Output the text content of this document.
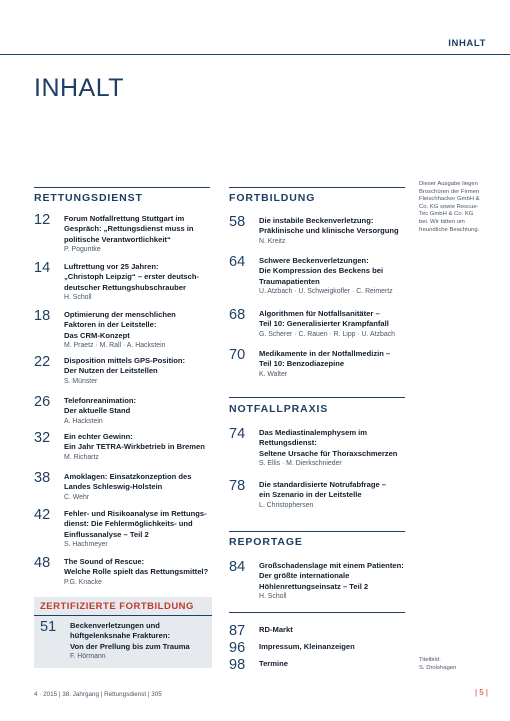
INHALT
INHALT
RETTUNGSDIENST
12 Forum Notfallrettung Stuttgart im
Gespräch: „Rettungsdienst muss in
politische Verantwortlichkeit“
P. Poguntke
14 Luftrettung vor 25 Jahren:
„Christoph Leipzig“ – erster deutsch-
deutscher Rettungshubschrauber
H. Scholl
18 Optimierung der menschlichen
Faktoren in der Leitstelle:
Das CRM-Konzept
M. Praetz · M. Rall · A. Hackstein
22 Disposition mittels GPS-Position:
Der Nutzen der Leitstellen
S. Münster
26 Telefonreanimation:
Der aktuelle Stand
A. Hackstein
32 Ein echter Gewinn:
Ein Jahr TETRA-Wirkbetrieb in Bremen
M. Richartz
38 Amoklagen: Einsatzkonzeption des
Landes Schleswig-Holstein
C. Wehr
42 Fehler- und Risikoanalyse im Rettungs-
dienst: Die Fehlermöglichkeits- und
Einflussanalyse – Teil 2
S. Hachmeyer
48 The Sound of Rescue:
Welche Rolle spielt das Rettungsmittel?
P.G. Knacke
ZERTIFIZIERTE FORTBILDUNG
51 Beckenverletzungen und
hüftgelenksnahe Frakturen:
Von der Prellung bis zum Trauma
F. Hörmann
FORTBILDUNG
58 Die instabile Beckenverletzung:
Präklinische und klinische Versorgung
N. Kreitz
64 Schwere Beckenverletzungen:
Die Kompression des Beckens bei
Traumapatienten
U. Atzbach · U. Schweigkofler · C. Reimertz
68 Algorithmen für Notfallsanitäter –
Teil 10: Generalisierter Krampfanfall
G. Scherer · C. Rauen · R. Lipp · U. Atzbach
70 Medikamente in der Notfallmedizin –
Teil 10: Benzodiazepine
K. Walter
NOTFALLPRAXIS
74 Das Mediastinalemphysem im
Rettungsdienst:
Seltene Ursache für Thoraxschmerzen
S. Ellis · M. Dierkschnieder
78 Die standardisierte Notrufabfrage –
ein Szenario in der Leitstelle
L. Christophersen
REPORTAGE
84 Großschadenslage mit einem Patienten:
Der größte internationale
Höhlenrettungseinsatz – Teil 2
H. Scholl
87 RD-Markt
96 Impressum, Kleinanzeigen
98 Termine
Dieser Ausgabe liegen
Broschüren der Firmen
Fleischhacker GmbH &
Co. KG sowie Rescue-
Tec GmbH & Co. KG
bei. Wir bitten um
freundliche Beachtung.
Titelbild:
S. Drolshagen
4 · 2015 | 38. Jahrgang | Rettungsdienst | 305	| 5 |
